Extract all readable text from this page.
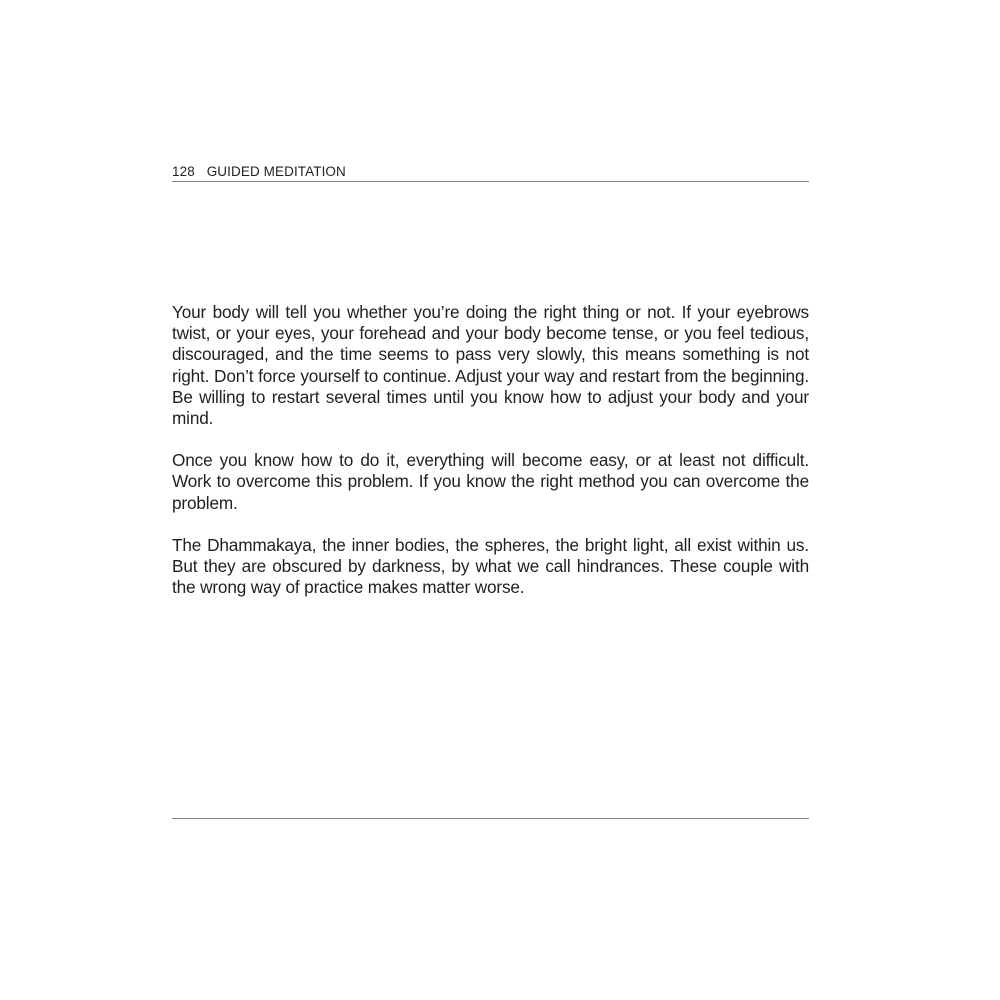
128 GUIDED MEDITATION

Your body will tell you whether you’re doing the right thing or not. If your eyebrows twist, or your eyes, your forehead and your body become tense, or you feel tedious, discouraged, and the time seems to pass very slowly, this means something is not right. Don’t force yourself to continue. Adjust your way and restart from the beginning. Be willing to restart several times until you know how to adjust your body and your mind.

Once you know how to do it, everything will become easy, or at least not difficult. Work to overcome this problem. If you know the right method you can overcome the problem.

The Dhammakaya, the inner bodies, the spheres, the bright light, all exist within us. But they are obscured by darkness, by what we call hindrances. These couple with the wrong way of practice makes matter worse.
